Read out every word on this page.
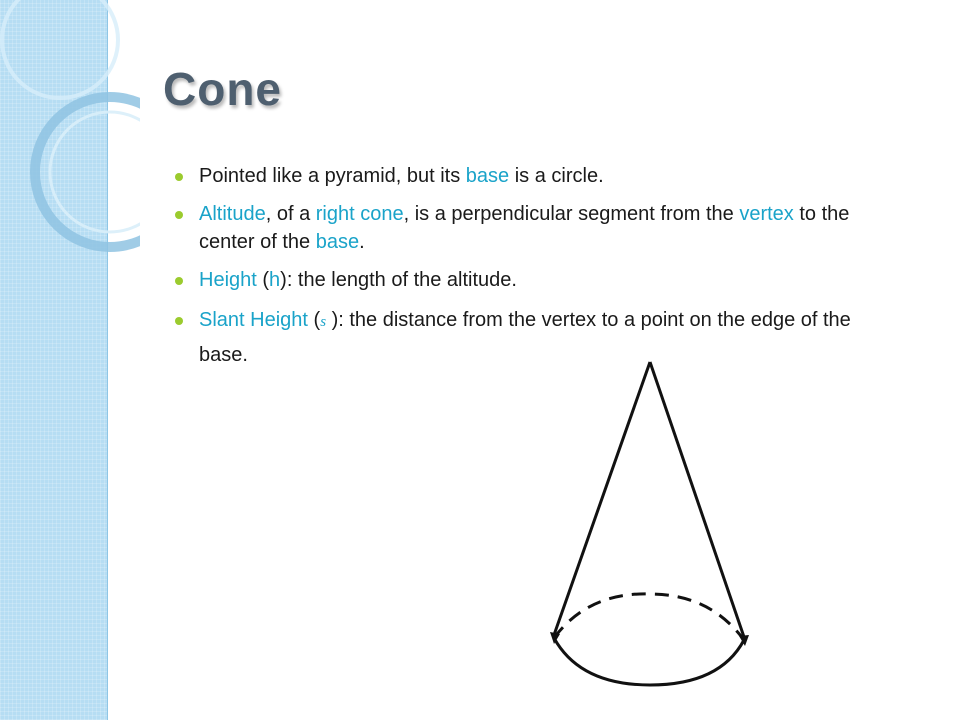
Cone
Pointed like a pyramid, but its base is a circle.
Altitude, of a right cone, is a perpendicular segment from the vertex to the center of the base.
Height (h): the length of the altitude.
Slant Height (s ): the distance from the vertex to a point on the edge of the base.
